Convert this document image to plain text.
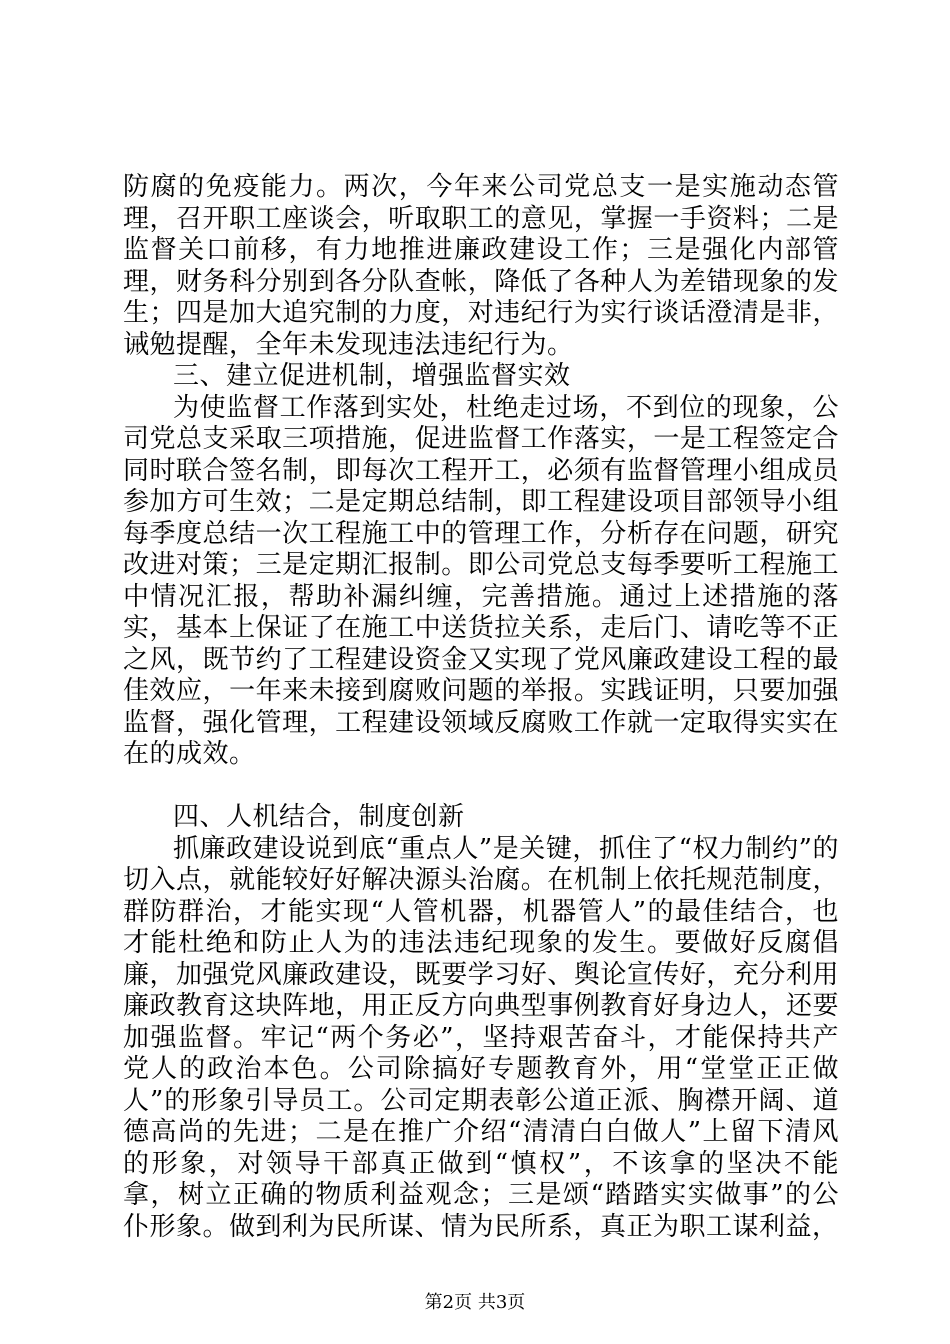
防腐的免疫能力。两次，今年来公司党总支一是实施动态管理，召开职工座谈会，听取职工的意见，掌握一手资料；二是监督关口前移，有力地推进廉政建设工作；三是强化内部管理，财务科分别到各分队查帐，降低了各种人为差错现象的发生；四是加大追究制的力度，对违纪行为实行谈话澄清是非，诫勉提醒，全年未发现违法违纪行为。

三、建立促进机制，增强监督实效

为使监督工作落到实处，杜绝走过场，不到位的现象，公司党总支采取三项措施，促进监督工作落实，一是工程签定合同时联合签名制，即每次工程开工，必须有监督管理小组成员参加方可生效；二是定期总结制，即工程建设项目部领导小组每季度总结一次工程施工中的管理工作，分析存在问题，研究改进对策；三是定期汇报制。即公司党总支每季要听工程施工中情况汇报，帮助补漏纠缠，完善措施。通过上述措施的落实，基本上保证了在施工中送货拉关系，走后门、请吃等不正之风，既节约了工程建设资金又实现了党风廉政建设工程的最佳效应，一年来未接到腐败问题的举报。实践证明，只要加强监督，强化管理，工程建设领域反腐败工作就一定取得实实在在的成效。

四、人机结合，制度创新

抓廉政建设说到底“重点人”是关键，抓住了“权力制约”的切入点，就能较好好解决源头治腐。在机制上依托规范制度，群防群治，才能实现“人管机器，机器管人”的最佳结合，也才能杜绝和防止人为的违法违纪现象的发生。要做好反腐倡廉，加强党风廉政建设，既要学习好、舆论宣传好，充分利用廉政教育这块阵地，用正反方向典型事例教育好身边人，还要加强监督。牢记“两个务必”，坚持艰苦奋斗，才能保持共产党人的政治本色。公司除搞好专题教育外，用“堂堂正正做人”的形象引导员工。公司定期表彰公道正派、胸襟开阔、道德高尚的先进；二是在推广介绍“清清白白做人”上留下清风的形象，对领导干部真正做到“慎权”，不该拿的坚决不能拿，树立正确的物质利益观念；三是颂“踏踏实实做事”的公仆形象。做到利为民所谋、情为民所系，真正为职工谋利益，

第2页 共3页
